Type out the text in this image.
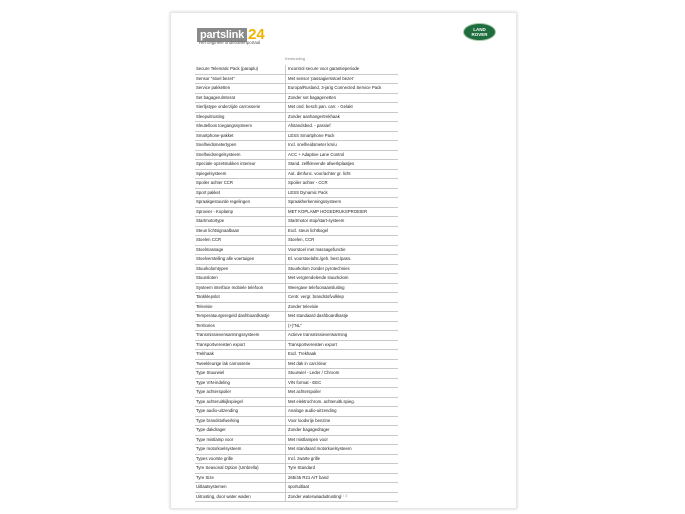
partslink 24
Het originele onderdelenportaal
LAND
ROVER
Kenbuiding
Secure Telematic Pack (paraplu)	Incontrol secure voor garantieperiode
Sensor "stoel bezet"	Met sensor 'passagiersstoel bezet'
Service pakketten	Europa/Rusland, 3-jarig Connected Service Pack
Set bagagerulmterat	Zonder set bagagenetten
Sierlijstype onderzijde carrosserie	Met ond. besch.pan. carr. - Gelakt
Sleepuitrusting	Zonder aanhangertrekhaak
Sleutelloos toegangssysteem	Afstandsbed. - passief
Smartphone-pakket	LESS Smartphone Pack
Snelheidsmetertypen	Incl. snelheidsmeter km/u
Snelheidsregelsysteem	ACC + Adaptive Lane Control
Speciale opzetstukken interieur	Stand. zelfklevende afwerkplaatjes
Spiegelsysteem	Aut. dimfunc. voor/achter gr. licht
Spoiler achter CCR	Spoiler achter - CCR
Sport pakket	LESS Dynamic Pack
Spraakgestuurde regelingen	Spraakherkenningssysteem
Sproeier - Koplamp	MET KOPLAMP HOGEDRUKSPROEIER
Startmotortype	Startmotor stop/start-systeem
Steun lichtsignaalbaan	Excl. steun lichtkogel
Stoelen CCR	Stoelen, CCR
Stoelmassage	Voorstoel met massagefunctie
Stoelverstelling alle voertuigen	El. voorstoelafst./geh. best./pass.
Stuurkolomtypen	Stuurkolom zonder pyrotechnies
Stuursloten	Met vergrendelende stuurkolom
Systeem interface mobiele telefoon	Weergave telefoonaansluiting
Tankklepslot	Centr. vergr. brandstofvulklep
Televisie	Zonder televisie
Temperatuurgeregeld dashboardkastje	Met standaard dashboardkastje
Territories	(+)"NL"
Transmissieverwarmingssysteem	Actieve transmissieverwarming
Transportvereisten export	Transportvereisten export
Trekhaak	Excl. Trekhaak
Tweekleurige lak carrosserie	Met dak in carr.kleur
Type Stuurwiel	Stuurwiel - Leder / Chroom
Type VIN-indeling	VIN format - EEC
Type achterspoiler	Met achterspoiler
Type achteruitkijkspiegel	Met elektrochrom. achteruitk.spieg.
Type audio-uitzending	Analoge audio-uitzending
Type brandstofwerking	Voor loodvrije benzine
Type dakdrager	Zonder bagagedrager
Type mistlamp voor	Met mistlampen voor
Type motorkoelsysteem	Met standaard motorkoelsysteem
Types voorste grille	Incl. zwarte grille
Tyre Seasonal Option (Umbrella)	Tyre Standard
Tyre Size	265/45 R21 A/T band
Uitlaatsystemen	sportuitlaat
Uitrusting, door water waden	Zonder waterwaaduitrusting
3 / 3
